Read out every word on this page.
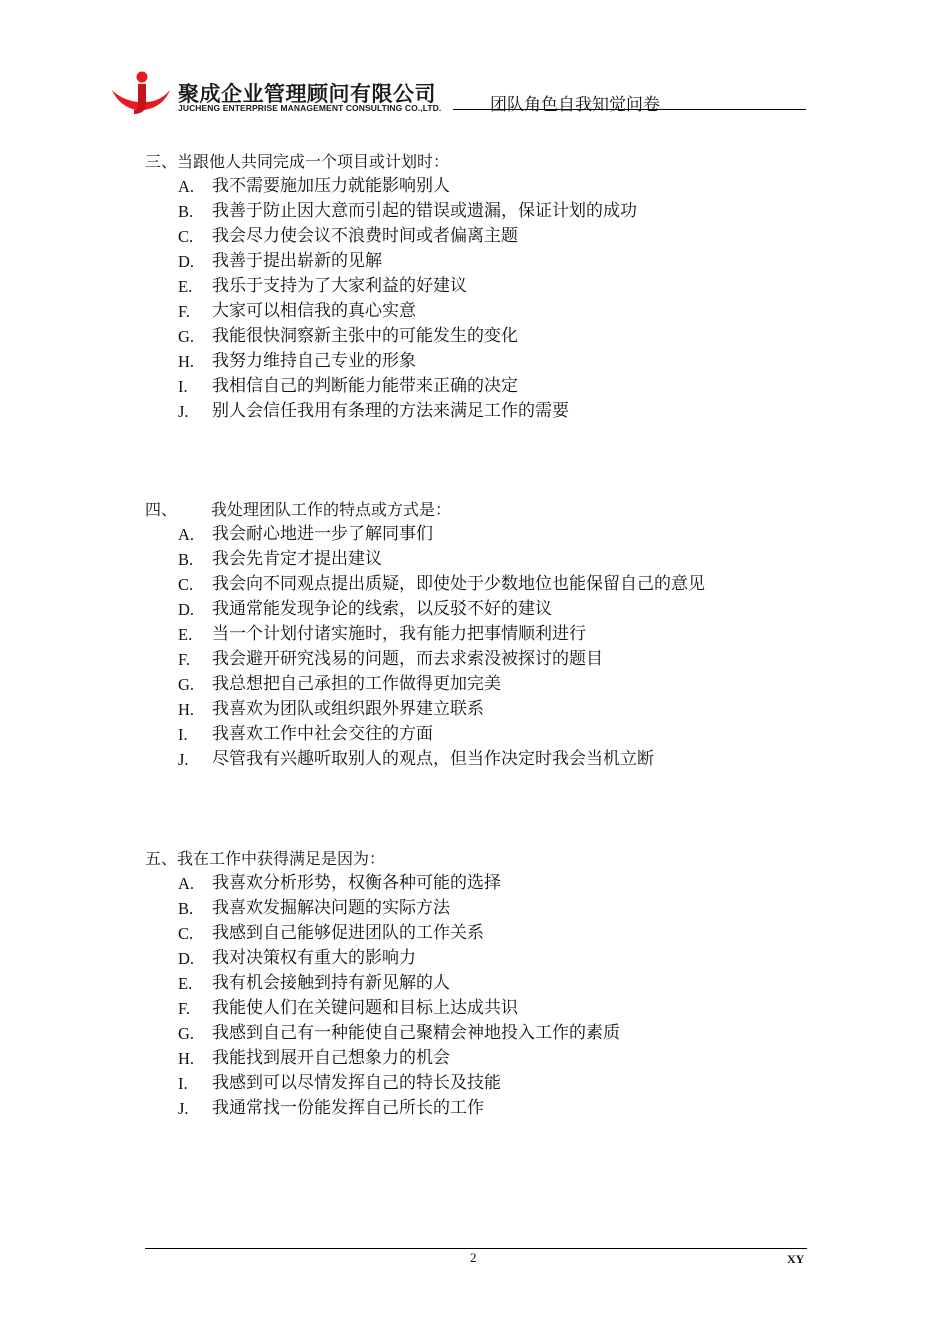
聚成企业管理顾问有限公司
JUCHENG ENTERPRISE MANAGEMENT CONSULTING CO.,LTD.	团队角色自我知觉问卷
三、当跟他人共同完成一个项目或计划时：
A. 我不需要施加压力就能影响别人
B. 我善于防止因大意而引起的错误或遗漏，保证计划的成功
C. 我会尽力使会议不浪费时间或者偏离主题
D. 我善于提出崭新的见解
E. 我乐于支持为了大家利益的好建议
F. 大家可以相信我的真心实意
G. 我能很快洞察新主张中的可能发生的变化
H. 我努力维持自己专业的形象
I. 我相信自己的判断能力能带来正确的决定
J. 别人会信任我用有条理的方法来满足工作的需要
四、 我处理团队工作的特点或方式是：
A. 我会耐心地进一步了解同事们
B. 我会先肯定才提出建议
C. 我会向不同观点提出质疑，即使处于少数地位也能保留自己的意见
D. 我通常能发现争论的线索，以反驳不好的建议
E. 当一个计划付诸实施时，我有能力把事情顺利进行
F. 我会避开研究浅易的问题，而去求索没被探讨的题目
G. 我总想把自己承担的工作做得更加完美
H. 我喜欢为团队或组织跟外界建立联系
I. 我喜欢工作中社会交往的方面
J. 尽管我有兴趣听取别人的观点，但当作决定时我会当机立断
五、我在工作中获得满足是因为：
A. 我喜欢分析形势，权衡各种可能的选择
B. 我喜欢发掘解决问题的实际方法
C. 我感到自己能够促进团队的工作关系
D. 我对决策权有重大的影响力
E. 我有机会接触到持有新见解的人
F. 我能使人们在关键问题和目标上达成共识
G. 我感到自己有一种能使自己聚精会神地投入工作的素质
H. 我能找到展开自己想象力的机会
I. 我感到可以尽情发挥自己的特长及技能
J. 我通常找一份能发挥自己所长的工作
2	XY
